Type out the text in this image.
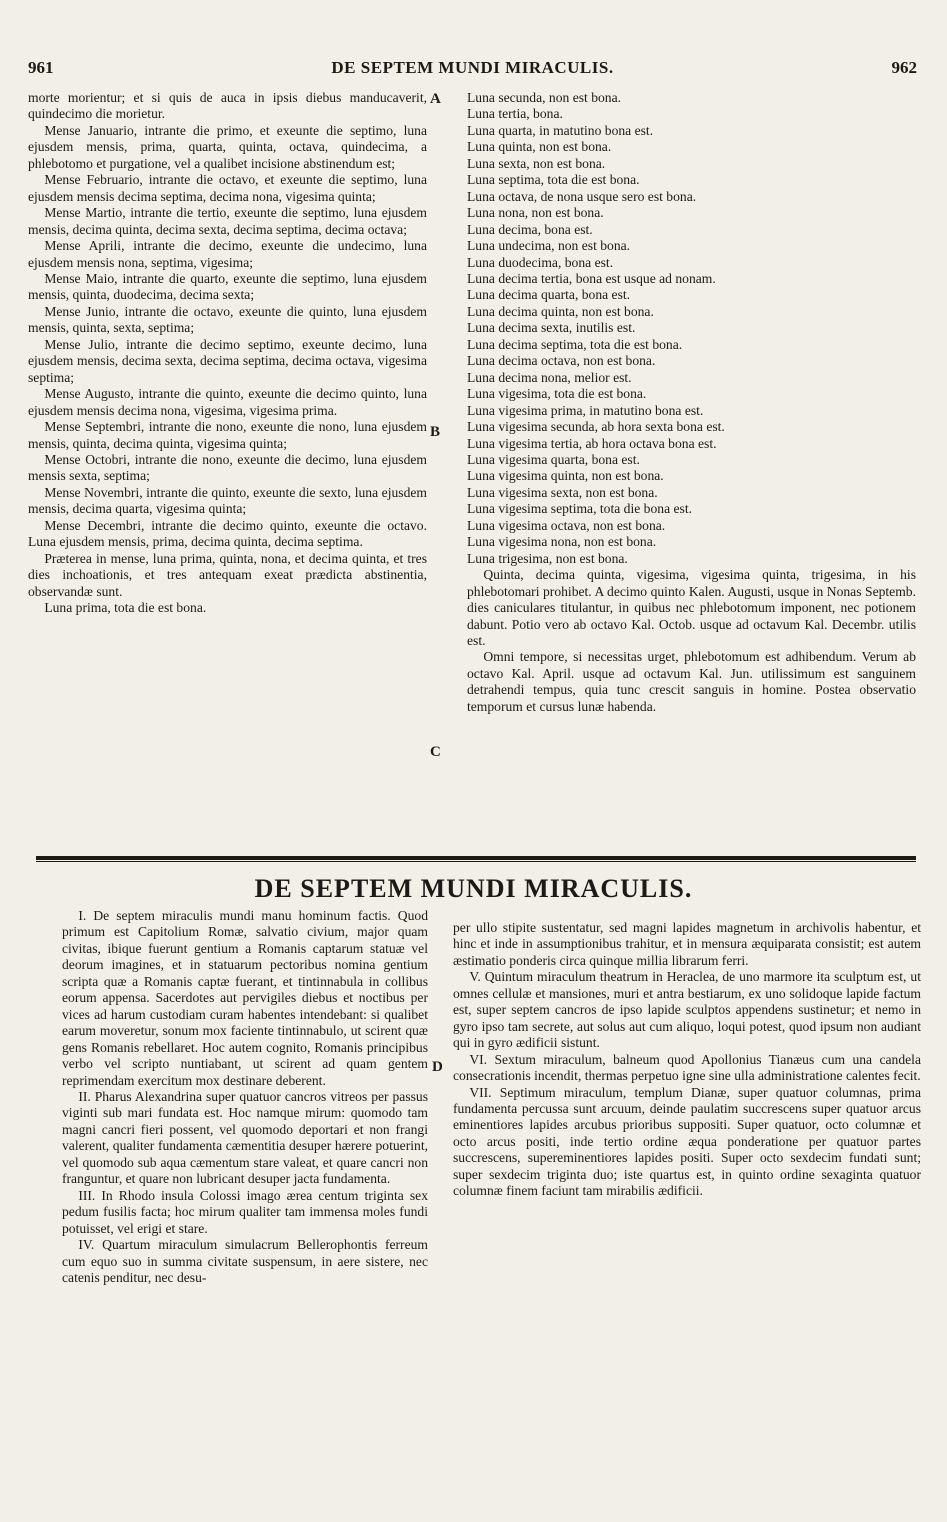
961	DE SEPTEM MUNDI MIRACULIS.	962

morte morientur; et si quis de auca in ipsis diebus manducaverit, quindecimo die morietur.

Mense Januario, intrante die primo, et exeunte die septimo, luna ejusdem mensis, prima, quarta, quinta, octava, quindecima, a phlebotomo et purgatione, vel a qualibet incisione abstinendum est;

Mense Februario, intrante die octavo, et exeunte die septimo, luna ejusdem mensis decima septima, decima nona, vigesima quinta;

Mense Martio, intrante die tertio, exeunte die septimo, luna ejusdem mensis, decima quinta, decima sexta, decima septima, decima octava;

Mense Aprili, intrante die decimo, exeunte die undecimo, luna ejusdem mensis nona, septima, vigesima;

Mense Maio, intrante die quarto, exeunte die septimo, luna ejusdem mensis, quinta, duodecima, decima sexta;

Mense Junio, intrante die octavo, exeunte die quinto, luna ejusdem mensis, quinta, sexta, septima;

Mense Julio, intrante die decimo septimo, exeunte decimo, luna ejusdem mensis, decima sexta, decima septima, decima octava, vigesima septima;

Mense Augusto, intrante die quinto, exeunte die decimo quinto, luna ejusdem mensis decima nona, vigesima, vigesima prima.

Mense Septembri, intrante die nono, exeunte die nono, luna ejusdem mensis, quinta, decima quinta, vigesima quinta;

Mense Octobri, intrante die nono, exeunte die decimo, luna ejusdem mensis sexta, septima;

Mense Novembri, intrante die quinto, exeunte die sexto, luna ejusdem mensis, decima quarta, vigesima quinta;

Mense Decembri, intrante die decimo quinto, exeunte die octavo. Luna ejusdem mensis, prima, decima quinta, decima septima.

Præterea in mense, luna prima, quinta, nona, et decima quinta, et tres dies inchoationis, et tres antequam exeat prædicta abstinentia, observandæ sunt.

Luna prima, tota die est bona.

A
B
C
D

Luna secunda, non est bona.

Luna tertia, bona.

Luna quarta, in matutino bona est.

Luna quinta, non est bona.

Luna sexta, non est bona.

Luna septima, tota die est bona.

Luna octava, de nona usque sero est bona.

Luna nona, non est bona.

Luna decima, bona est.

Luna undecima, non est bona.

Luna duodecima, bona est.

Luna decima tertia, bona est usque ad nonam.

Luna decima quarta, bona est.

Luna decima quinta, non est bona.

Luna decima sexta, inutilis est.

Luna decima septima, tota die est bona.

Luna decima octava, non est bona.

Luna decima nona, melior est.

Luna vigesima, tota die est bona.

Luna vigesima prima, in matutino bona est.

Luna vigesima secunda, ab hora sexta bona est.

Luna vigesima tertia, ab hora octava bona est.

Luna vigesima quarta, bona est.

Luna vigesima quinta, non est bona.

Luna vigesima sexta, non est bona.

Luna vigesima septima, tota die bona est.

Luna vigesima octava, non est bona.

Luna vigesima nona, non est bona.

Luna trigesima, non est bona.

Quinta, decima quinta, vigesima, vigesima quinta, trigesima, in his phlebotomari prohibet. A decimo quinto Kalen. Augusti, usque in Nonas Septemb. dies caniculares titulantur, in quibus nec phlebotomum imponent, nec potionem dabunt. Potio vero ab octavo Kal. Octob. usque ad octavum Kal. Decembr. utilis est.

Omni tempore, si necessitas urget, phlebotomum est adhibendum. Verum ab octavo Kal. April. usque ad octavum Kal. Jun. utilissimum est sanguinem detrahendi tempus, quia tunc crescit sanguis in homine. Postea observatio temporum et cursus lunæ habenda.

DE SEPTEM MUNDI MIRACULIS.

I. De septem miraculis mundi manu hominum factis. Quod primum est Capitolium Romæ, salvatio civium, major quam civitas, ibique fuerunt gentium a Romanis captarum statuæ vel deorum imagines, et in statuarum pectoribus nomina gentium scripta quæ a Romanis captæ fuerant, et tintinnabula in collibus eorum appensa. Sacerdotes aut pervigiles diebus et noctibus per vices ad harum custodiam curam habentes intendebant: si qualibet earum moveretur, sonum mox faciente tintinnabulo, ut scirent quæ gens Romanis rebellaret. Hoc autem cognito, Romanis principibus verbo vel scripto nuntiabant, ut scirent ad quam gentem reprimendam exercitum mox destinare deberent.

II. Pharus Alexandrina super quatuor cancros vitreos per passus viginti sub mari fundata est. Hoc namque mirum: quomodo tam magni cancri fieri possent, vel quomodo deportari et non frangi valerent, qualiter fundamenta cæmentitia desuper hærere potuerint, vel quomodo sub aqua cæmentum stare valeat, et quare cancri non franguntur, et quare non lubricant desuper jacta fundamenta.

III. In Rhodo insula Colossi imago ærea centum triginta sex pedum fusilis facta; hoc mirum qualiter tam immensa moles fundi potuisset, vel erigi et stare.

IV. Quartum miraculum simulacrum Bellerophontis ferreum cum equo suo in summa civitate suspensum, in aere sistere, nec catenis penditur, nec desu-

per ullo stipite sustentatur, sed magni lapides magnetum in archivolis habentur, et hinc et inde in assumptionibus trahitur, et in mensura æquiparata consistit; est autem æstimatio ponderis circa quinque millia librarum ferri.

V. Quintum miraculum theatrum in Heraclea, de uno marmore ita sculptum est, ut omnes cellulæ et mansiones, muri et antra bestiarum, ex uno solidoque lapide factum est, super septem cancros de ipso lapide sculptos appendens sustinetur; et nemo in gyro ipso tam secrete, aut solus aut cum aliquo, loqui potest, quod ipsum non audiant qui in gyro ædificii sistunt.

VI. Sextum miraculum, balneum quod Apollonius Tianæus cum una candela consecrationis incendit, thermas perpetuo igne sine ulla administratione calentes fecit.

VII. Septimum miraculum, templum Dianæ, super quatuor columnas, prima fundamenta percussa sunt arcuum, deinde paulatim succrescens super quatuor arcus eminentiores lapides arcubus prioribus suppositi. Super quatuor, octo columnæ et octo arcus positi, inde tertio ordine æqua ponderatione per quatuor partes succrescens, supereminentiores lapides positi. Super octo sexdecim fundati sunt; super sexdecim triginta duo; iste quartus est, in quinto ordine sexaginta quatuor columnæ finem faciunt tam mirabilis ædificii.
